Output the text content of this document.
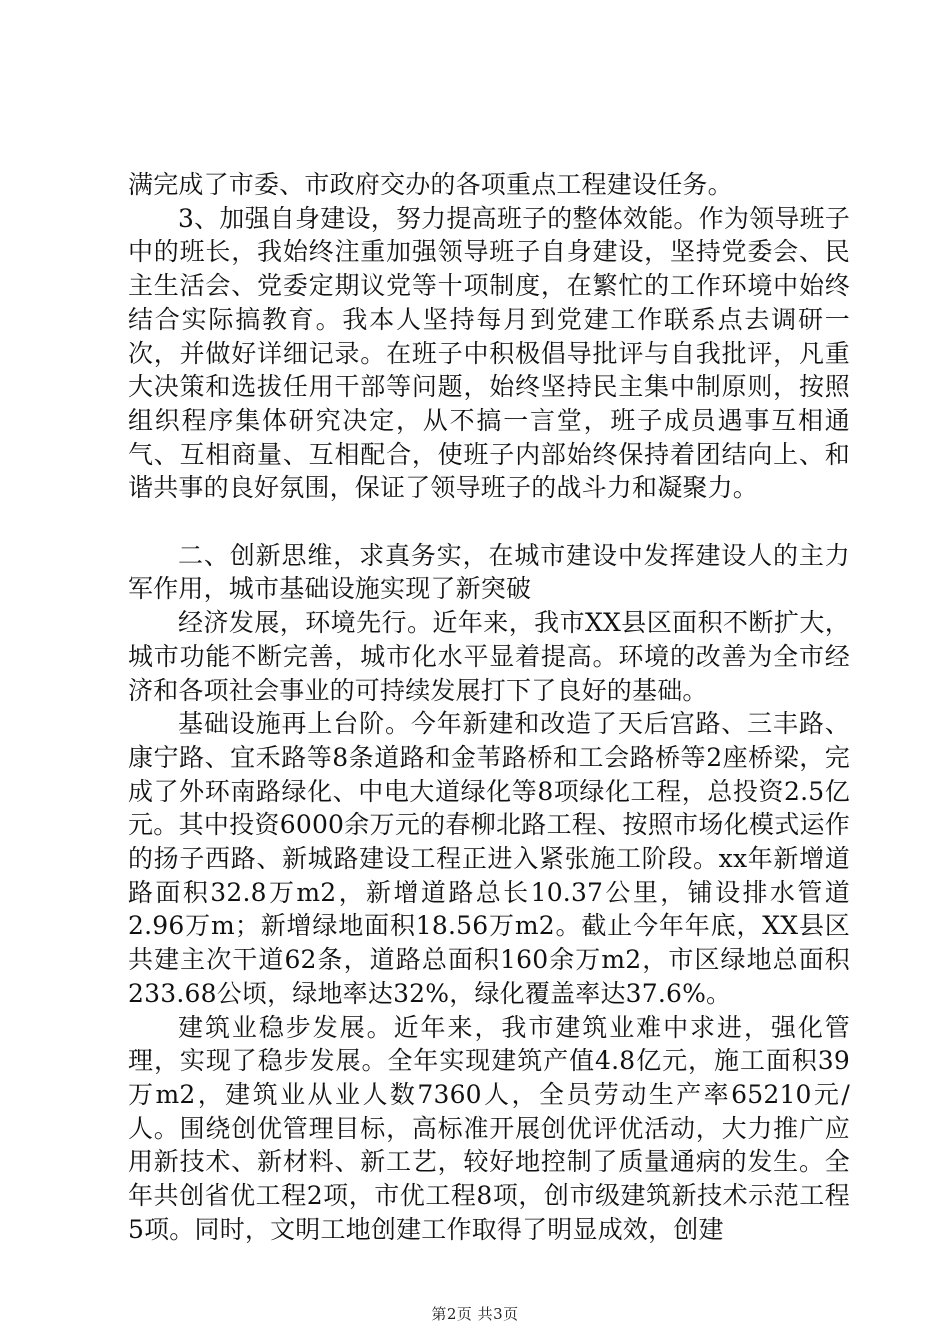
满完成了市委、市政府交办的各项重点工程建设任务。

3、加强自身建设，努力提高班子的整体效能。作为领导班子中的班长，我始终注重加强领导班子自身建设，坚持党委会、民主生活会、党委定期议党等十项制度，在繁忙的工作环境中始终结合实际搞教育。我本人坚持每月到党建工作联系点去调研一次，并做好详细记录。在班子中积极倡导批评与自我批评，凡重大决策和选拔任用干部等问题，始终坚持民主集中制原则，按照组织程序集体研究决定，从不搞一言堂，班子成员遇事互相通气、互相商量、互相配合，使班子内部始终保持着团结向上、和谐共事的良好氛围，保证了领导班子的战斗力和凝聚力。

二、创新思维，求真务实，在城市建设中发挥建设人的主力军作用，城市基础设施实现了新突破

经济发展，环境先行。近年来，我市XX县区面积不断扩大，城市功能不断完善，城市化水平显着提高。环境的改善为全市经济和各项社会事业的可持续发展打下了良好的基础。

基础设施再上台阶。今年新建和改造了天后宫路、三丰路、康宁路、宜禾路等8条道路和金苇路桥和工会路桥等2座桥梁，完成了外环南路绿化、中电大道绿化等8项绿化工程，总投资2.5亿元。其中投资6000余万元的春柳北路工程、按照市场化模式运作的扬子西路、新城路建设工程正进入紧张施工阶段。xx年新增道路面积32.8万m2，新增道路总长10.37公里，铺设排水管道2.96万m；新增绿地面积18.56万m2。截止今年年底，XX县区共建主次干道62条，道路总面积160余万m2，市区绿地总面积233.68公顷，绿地率达32%，绿化覆盖率达37.6%。

建筑业稳步发展。近年来，我市建筑业难中求进，强化管理，实现了稳步发展。全年实现建筑产值4.8亿元，施工面积39万m2，建筑业从业人数7360人，全员劳动生产率65210元/人。围绕创优管理目标，高标准开展创优评优活动，大力推广应用新技术、新材料、新工艺，较好地控制了质量通病的发生。全年共创省优工程2项，市优工程8项，创市级建筑新技术示范工程5项。同时，文明工地创建工作取得了明显成效，创建

第2页 共3页
